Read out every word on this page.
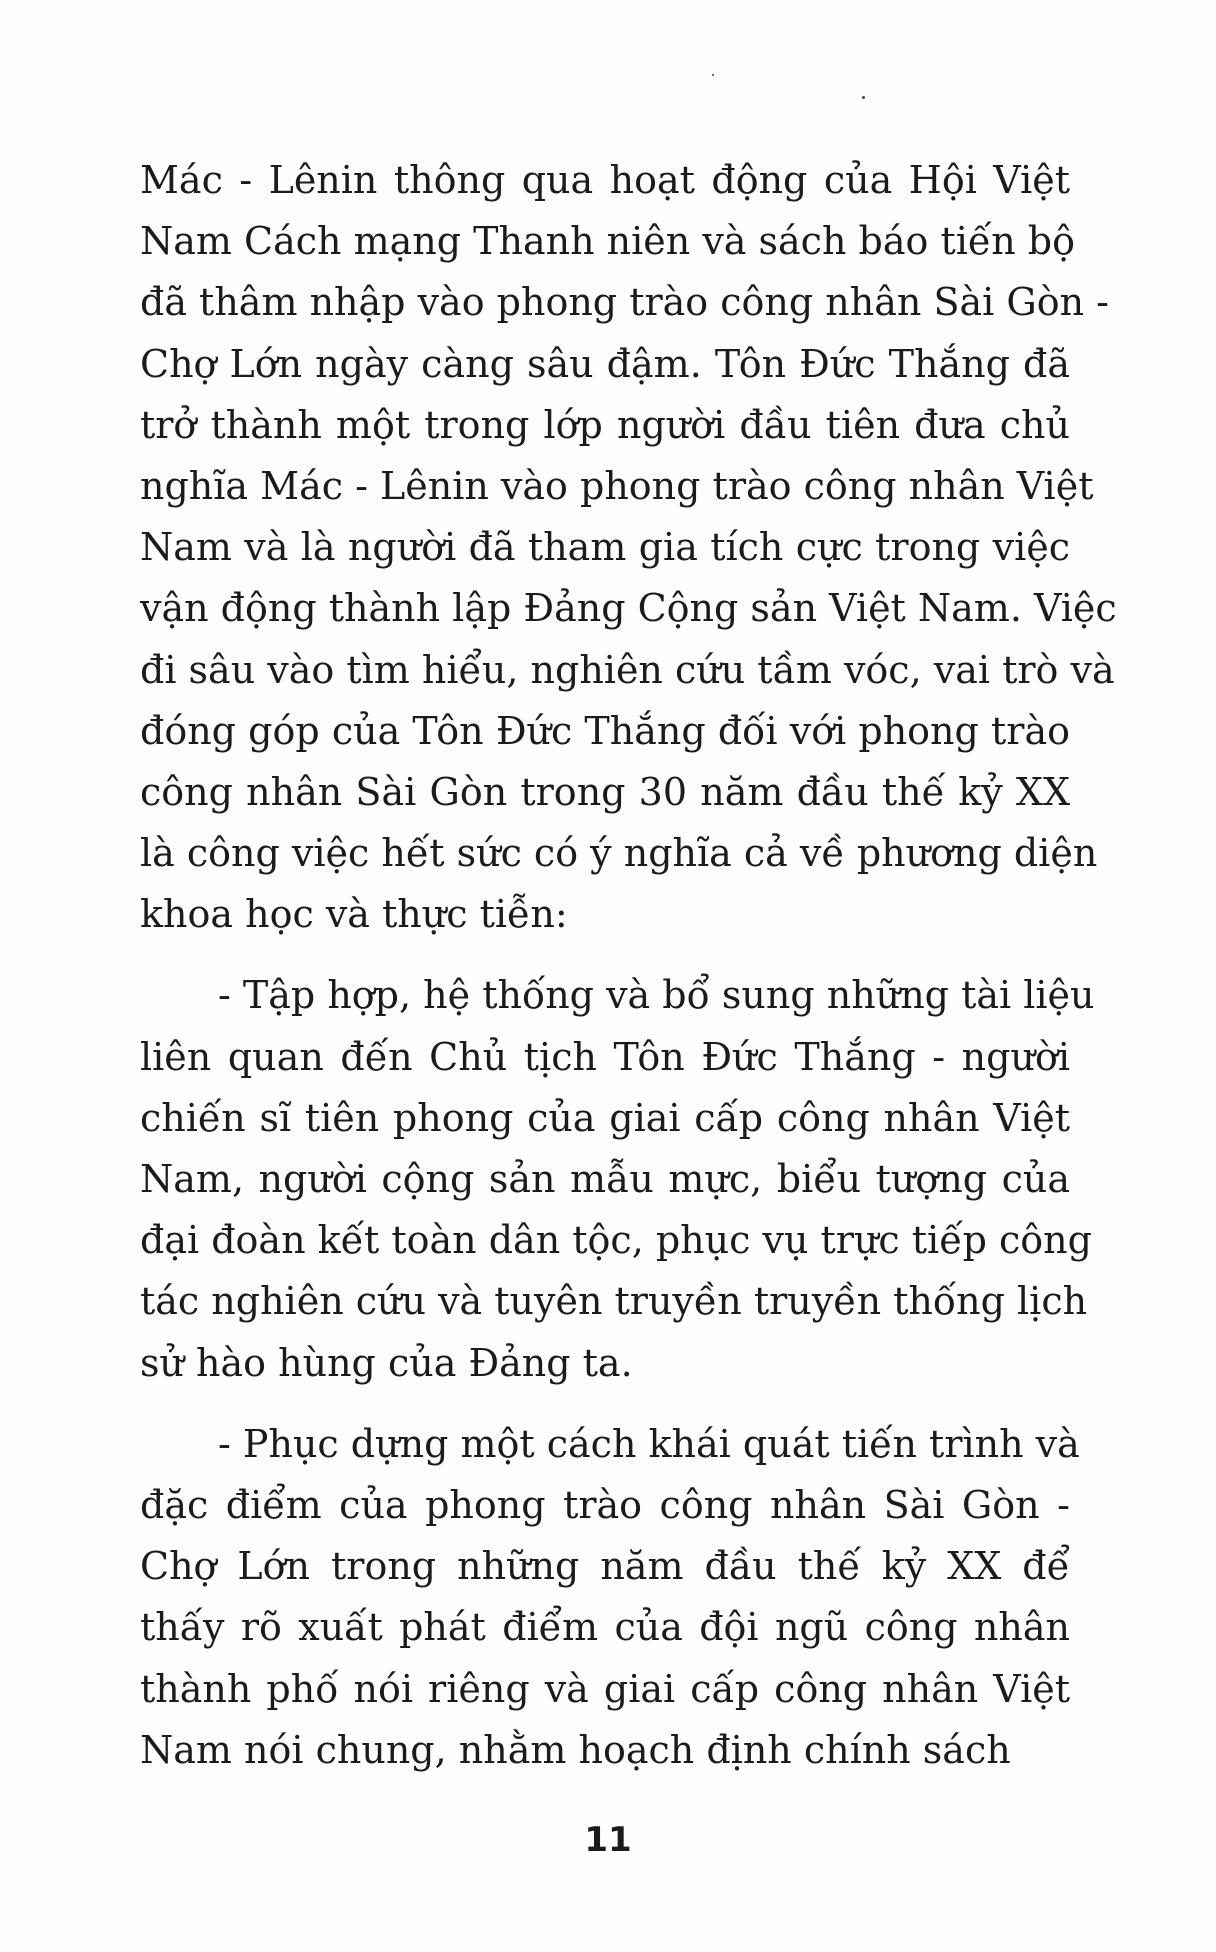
Mác - Lênin thông qua hoạt động của Hội Việt
Nam Cách mạng Thanh niên và sách báo tiến bộ
đã thâm nhập vào phong trào công nhân Sài Gòn -
Chợ Lớn ngày càng sâu đậm. Tôn Đức Thắng đã
trở thành một trong lớp người đầu tiên đưa chủ
nghĩa Mác - Lênin vào phong trào công nhân Việt
Nam và là người đã tham gia tích cực trong việc
vận động thành lập Đảng Cộng sản Việt Nam. Việc
đi sâu vào tìm hiểu, nghiên cứu tầm vóc, vai trò và
đóng góp của Tôn Đức Thắng đối với phong trào
công nhân Sài Gòn trong 30 năm đầu thế kỷ XX
là công việc hết sức có ý nghĩa cả về phương diện
khoa học và thực tiễn:
- Tập hợp, hệ thống và bổ sung những tài liệu
liên quan đến Chủ tịch Tôn Đức Thắng - người
chiến sĩ tiên phong của giai cấp công nhân Việt
Nam, người cộng sản mẫu mực, biểu tượng của
đại đoàn kết toàn dân tộc, phục vụ trực tiếp công
tác nghiên cứu và tuyên truyền truyền thống lịch
sử hào hùng của Đảng ta.
- Phục dựng một cách khái quát tiến trình và
đặc điểm của phong trào công nhân Sài Gòn -
Chợ Lớn trong những năm đầu thế kỷ XX để
thấy rõ xuất phát điểm của đội ngũ công nhân
thành phố nói riêng và giai cấp công nhân Việt
Nam nói chung, nhằm hoạch định chính sách
11
